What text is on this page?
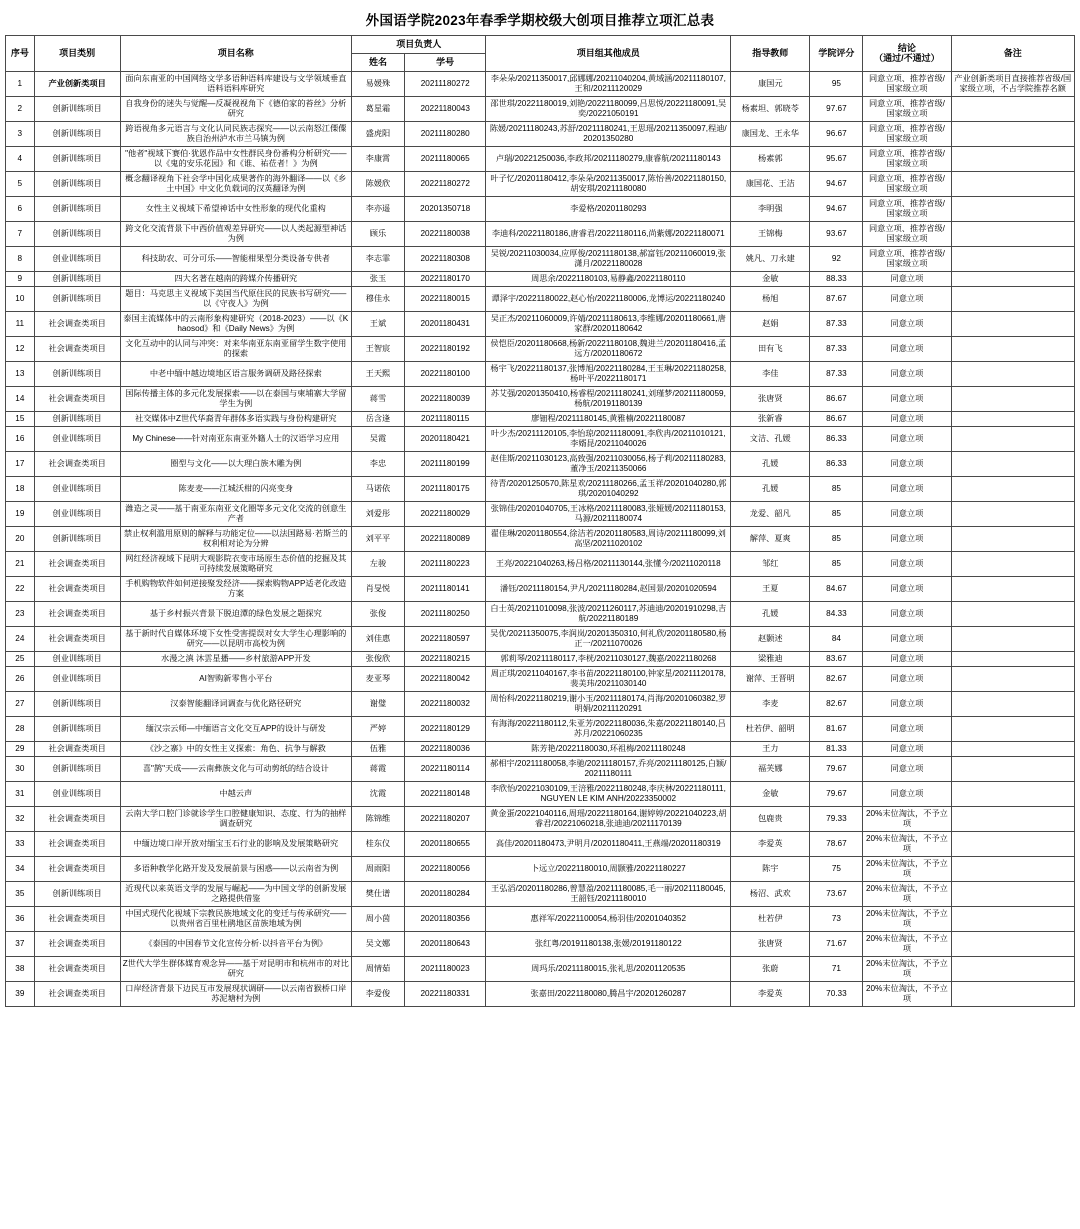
外国语学院2023年春季学期校级大创项目推荐立项汇总表
序号	项目类别	项目名称	项目负责人		项目组其他成员	指导教师	学院评分	结论
（通过/不通过）	备注
			姓名	学号					
1	产业创新类项目	面向东南亚的中国网络文学多语种语料库建设与文学领域垂直语料语料库研究	易媛殊	20211180272	李朵朵/20211350017,邱娜娜/20211040204,黄域涵/20211180107,王和/20211120029	康国元	95	同意立项、推荐省级/国家级立项	产业创新类项目直接推荐省级/国家级立项，不占学院推荐名额
2	创新训练项目	自我身份的迷失与觉醒—反凝视视角下《德伯家的苔丝》分析研究	葛星霜	20221180043	邵世琪/20221180019,刘艳/20221180099,吕思悦/20221180091,吴奕/20221050191	杨素坦、郭晓苓	97.67	同意立项、推荐省级/国家级立项	
3	创新训练项目	跨语视角多元语言与文化认同民族志探究——以云南怒江傈僳族自治州泸水市兰马镇为例	盛虎阳	20211180280	陈媛/20211180243,苏舒/20211180241,王思瑶/20211350097,程迪/20201350280	康国龙、王永华	96.67	同意立项、推荐省级/国家级立项	
4	创新训练项目	"他者"视域下赛伯·犹恩作品中女性群民身份番构分析研究——以《鬼的安乐花园》和《谁、祐莅者！》为例	李康霄	20211180065	卢瑞/20221250036,李政邦/20211180279,康睿航/20211180143	杨素郭	95.67	同意立项、推荐省级/国家级立项	
5	创新训练项目	概念翻译视角下社会学中国化成果著作的海外翻译——以《乡土中国》中文化负载词的汉英翻译为例	陈媛欣	20221180272	叶子忆/20201180412,李朵朵/20211350017,陈怡善/20221180150,胡安琪/20211180080	康国花、王洁	94.67	同意立项、推荐省级/国家级立项	
6	创新训练项目	女性主义视域下希望神话中女性形象的现代化重构	李亦遥	20201350718	李爱格/20201180293	李明强	94.67	同意立项、推荐省级/国家级立项	
7	创新训练项目	跨文化交流背景下中西价值观差异研究——以人类起源型神话为例	顾乐	20221180038	李迪科/20221180186,唐睿君/20221180116,尚紫娜/20221180071	王锦梅	93.67	同意立项、推荐省级/国家级立项	
8	创业训练项目	科技助农、可分可乐——智能柑果型分类设备专供者	李志霏	20221180308	吴锐/20211030034,应厚俊/20211180138,郝富钰/20211060019,张潇月/20221180028	姚凡、刀永建	92	同意立项、推荐省级/国家级立项	
9	创新训练项目	四大名著在越南的跨媒介传播研究	张玉	20221180170	周思余/20221180103,易静鑫/20221180110	金敏	88.33	同意立项	
10	创新训练项目	题目：马克思主义视域下美国当代原住民的民族书写研究——以《守夜人》为例	穆佳永	20221180015	谭泽宇/20221180022,赵心怡/20221180006,龙博运/20221180240	杨旭	87.67	同意立项	
11	社会调查类项目	泰国主流媒体中的云南形象构建研究（2018-2023）——以《Khaosod》和《Daily News》为例	王斌	20201180431	吴正杰/20211060009,许婧/20211180613,李维娜/20201180661,唐家群/20201180642	赵娟	87.33	同意立项	
12	社会调查类项目	文化互动中的认同与冲突：对来华南亚东南亚留学生数字使用的探索	王智宸	20221180192	侯恺臣/20201180668,杨新/20221180108,魏进兰/20201180416,孟远方/20201180672	田有飞	87.33	同意立项	
13	创新训练项目	中老中缅中越边境地区语言服务调研及路径探索	王天熙	20221180100	杨宇飞/20221180137,张博旭/20221180284,王玉琳/20221180258,杨叶平/20221180171	李佳	87.33	同意立项	
14	社会调查类项目	国际传播主体的多元化发展探索——以在泰国与柬埔寨大学留学生为例	蒋雪	20221180039	苏艾强/20201350410,杨睿程/20211180241,刘瑾梦/20211180059,杨航/20191180139	张唐贤	86.67	同意立项	
15	创新训练项目	社交媒体中Z世代华裔青年群体多语实践与身份构建研究	岳含逢	20211180115	廖钿程/20211180145,黄雅楠/20221180087	张新睿	86.67	同意立项	
16	创业训练项目	My Chinese——针对南亚东南亚外籍人士的汉语学习应用	吴霞	20201180421	叶少杰/20211120105,李怡琼/20211180091,李欣冉/20211010121,李婿昆/20211040026	文洁、孔媛	86.33	同意立项	
17	社会调查类项目	圈型与文化——以大理白族木雕为例	李忠	20211180199	赵佳斯/20211030123,高致强/20211030056,杨子莉/20211180283,董净玉/20211350066	孔媛	86.33	同意立项	
18	创业训练项目	陈麦麦——江城沃柑的闪亮变身	马诺依	20211180175	待青/20201250570,陈星欢/20211180266,孟玉祥/20201040280,郭琪/20201040292	孔媛	85	同意立项	
19	创业训练项目	潍造之灵——基于南亚东南亚文化圈等多元文化交流的创意生产者	刘爱彤	20221180029	张锦佳/20201040705,王冰格/20211180083,张娅媛/20211180153,马源/20211180074	龙爱、韶凡	85	同意立项	
20	创新训练项目	禁止权利滥用原则的解释与功能定位——以法国路易·若斯兰的权利相对论为分辨	刘平平	20221180089	翟佳琳/20201180554,徐洁若/20201180583,周诗/20211180099,刘高坚/20211020102	解萍、夏爽	85	同意立项	
21	社会调查类项目	网红经济视域下昆明大观影院衣变市场原生态价值的挖掘及其可持续发展策略研究	左骏	20211180223	王亮/20221040263,杨吕格/20211130144,张懂今/20211020118	邹红	85	同意立项	
22	社会调查类项目	手机购物软件如何逆接聚发经济——探索购物APP适老化改造方案	肖旻悦	20211180141	潘钰/20211180154,尹凡/20211180284,赵国景/20201020594	王夏	84.67	同意立项	
23	社会调查类项目	基于乡村振兴背景下脱迫潭的绿色发展之题探究	张俊	20211180250	白士英/20211010098,张波/20211260117,苏迪迪/20201910298,吉航/20221180189	孔媛	84.33	同意立项	
24	社会调查类项目	基于新时代自媒体环境下女性受害提误对女大学生心理影响的研究——以昆明市高校为例	刘佳惠	20221180597	吴优/20211350075,李润岚/20201350310,何礼欣/20201180580,杨正一/20211070026	赵颢述	84	同意立项	
25	创业训练项目	水漫之滇 沐雲星播——乡村旅游APP开发	张俊欣	20221180215	郭莉琴/20211180117,李桄/20211030127,魏嘉/20221180268	梁雅迪	83.67	同意立项	
26	创业训练项目	AI智购新零售小平台	麦亚琴	20221180042	周正琪/20211040167,李书苗/20221180100,钟家星/20211120178,裴美玮/20211030140	谢萍、王晋明	82.67	同意立项	
27	创新训练项目	汉泰智能翻译词调查与优化路径研究	谢璧	20221180032	周怡科/20221180219,谢小玉/20211180174,肖海/20201060382,罗明娟/20211120291	李麦	82.67	同意立项	
28	创新训练项目	缅汉宗云师—中缅语言文化交互APP的设计与研发	严婷	20221180129	有海海/20221180112,朱亚芳/20221180036,朱嘉/20221180140,吕苏月/20221060235	杜若伊、韶明	81.67	同意立项	
29	社会调查类项目	《沙之寨》中的女性主义探索：角色、抗争与解救	伍雅	20221180036	陈芳艳/20221180030,环祖梅/20211180248	王力	81.33	同意立项	
30	创新训练项目	喜"鹊"天成——云南彝族文化与可动剪纸的结合设计	蒋霞	20221180114	郝相宇/20211180058,李驰/20211180157,乔亮/20211180125,白颖/20211180111	福芙娜	79.67	同意立项	
31	创业训练项目	中越云声	沈霞	20221180148	李欣怡/20221030109,王涪雅/20221180248,李庆林/20221180111,NGUYEN LE KIM ANH/20223350002	金敏	79.67	同意立项	
32	社会调查类项目	云南大学口腔门诊就诊学生口腔健康知识、态度、行为的抽样调查研究	陈锦维	20221180207	黄金蛋/20221040116,周瑶/20221180164,谢婷婷/20221040223,胡睿君/20221060218,张迪迪/20211170139	包鹿贵	79.33	20%末位淘汰，不予立项	
33	社会调查类项目	中缅边境口岸开放对缅宝玉石行业的影响及发展策略研究	桂东仪	20201180655	高佳/20201180473,尹明月/20201180411,王燕端/20201180319	李爱英	78.67	20%末位淘汰，不予立项	
34	社会调查类项目	多语种教学化路开发及发展前景与困惑——以云南省为例	周雨阳	20221180056	卜远立/20221180010,周颢雅/20221180227	陈宇	75	20%末位淘汰，不予立项	
35	创新训练项目	近现代以来英语文学的发展与崛起——为中国文学的创新发展之路提供借鉴	樊仕谱	20201180284	王弘滔/20201180286,曾慧盈/20211180085,毛一丽/20211180045,王韶钰/20211180010	杨沼、武欢	73.67	20%末位淘汰，不予立项	
36	社会调查类项目	中国式现代化视域下宗教民族地域文化的变迁与传承研究——以贵州省百里杜鹃地区苗族地域为例	周小茵	20201180356	惠祥军/20221100054,杨羽佳/20201040352	杜若伊	73	20%末位淘汰，不予立项	
37	社会调查类项目	《泰国的中国春节文化宣传分析·以抖音平台为例》	吴文娜	20201180643	张红粤/20191180138,张媛/20191180122	张唐贤	71.67	20%末位淘汰，不予立项	
38	社会调查类项目	Z世代大学生群体媒育观念异——基于对昆明市和杭州市的对比研究	周情茹	20211180023	周玛乐/20211180015,张礼思/20201120535	张蔚	71	20%末位淘汰，不予立项	
39	社会调查类项目	口岸经济背景下边民互市发展现状调研——以云南省猴桥口岸苏泥塘村为例	李爱俊	20221180331	张嘉田/20221180080,腾昌宇/20201260287	李爱英	70.33	20%末位淘汰，不予立项	
